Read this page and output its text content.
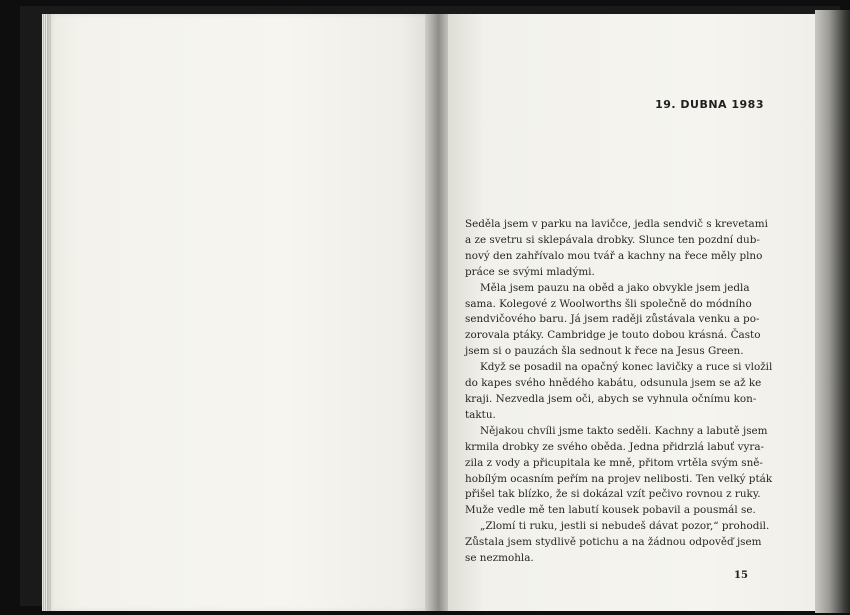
19. DUBNA 1983
Seděla jsem v parku na lavičce, jedla sendvič s krevetami
a ze svetru si sklepávala drobky. Slunce ten pozdní dub-
nový den zahřívalo mou tvář a kachny na řece měly plno
práce se svými mladými.
Měla jsem pauzu na oběd a jako obvykle jsem jedla
sama. Kolegové z Woolworths šli společně do módního
sendvičového baru. Já jsem raději zůstávala venku a po-
zorovala ptáky. Cambridge je touto dobou krásná. Často
jsem si o pauzách šla sednout k řece na Jesus Green.
Když se posadil na opačný konec lavičky a ruce si vložil
do kapes svého hnědého kabátu, odsunula jsem se až ke
kraji. Nezvedla jsem oči, abych se vyhnula očnímu kon-
taktu.
Nějakou chvíli jsme takto seděli. Kachny a labutě jsem
krmila drobky ze svého oběda. Jedna přidrzlá labuť vyra-
zila z vody a přicupitala ke mně, přitom vrtěla svým sně-
hobílým ocasním peřím na projev nelibosti. Ten velký pták
přišel tak blízko, že si dokázal vzít pečivo rovnou z ruky.
Muže vedle mě ten labutí kousek pobavil a pousmál se.
„Zlomí ti ruku, jestli si nebudeš dávat pozor,“ prohodil.
Zůstala jsem stydlivě potichu a na žádnou odpověď jsem
se nezmohla.
15
